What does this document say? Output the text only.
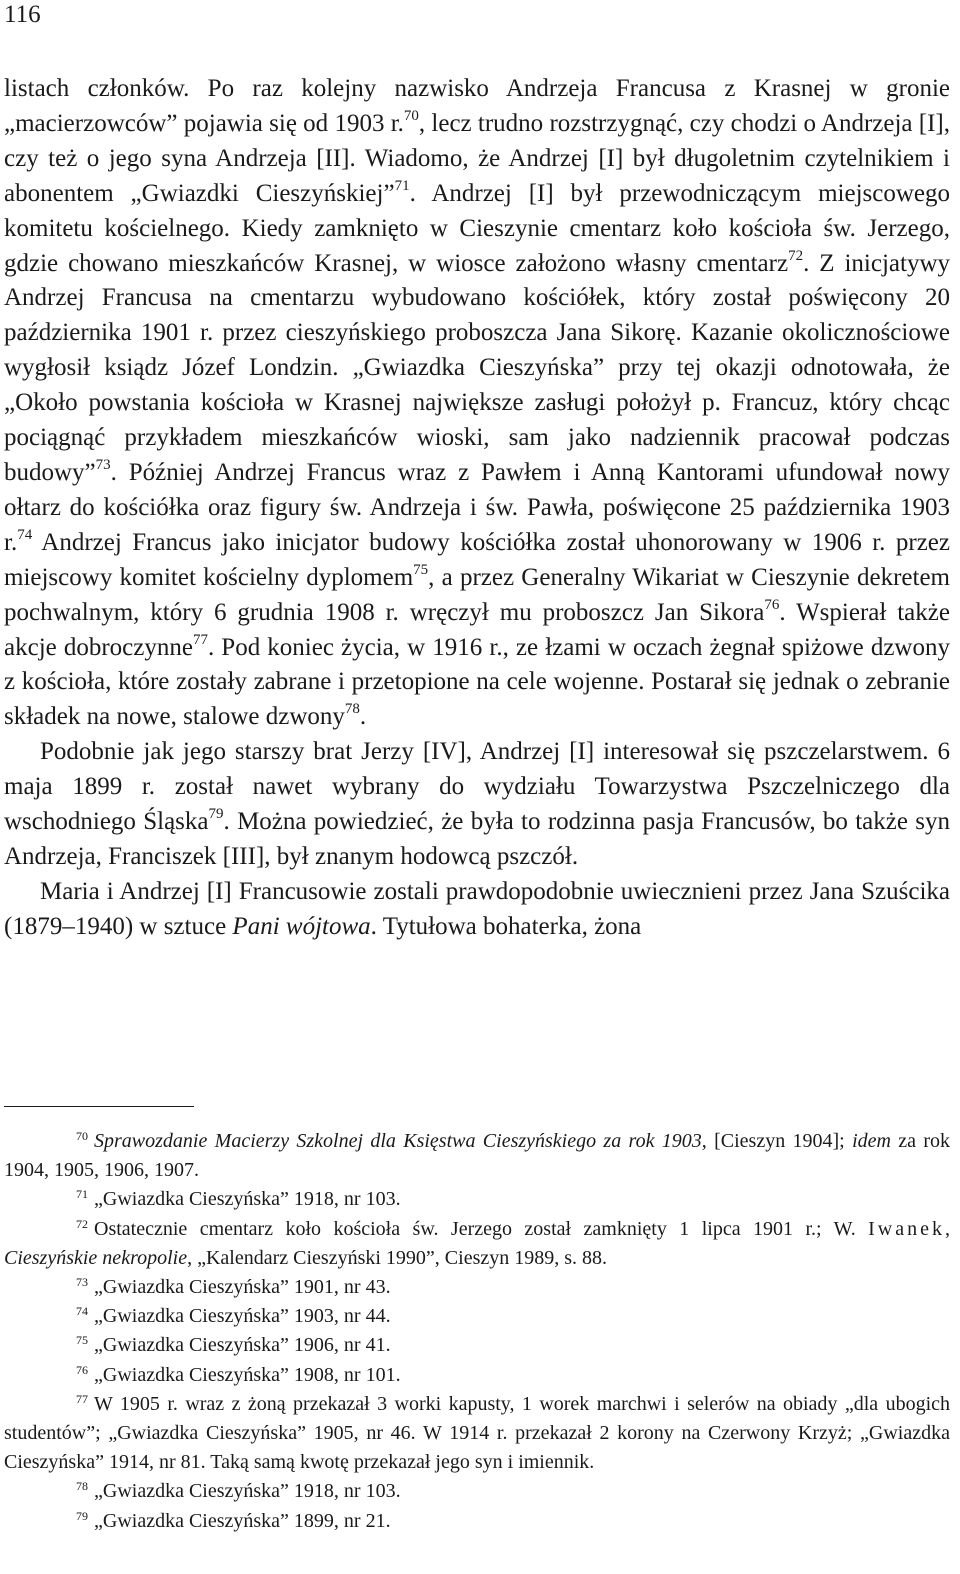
116

listach członków. Po raz kolejny nazwisko Andrzeja Francusa z Krasnej w gronie „macierzowców” pojawia się od 1903 r.$^{70}$, lecz trudno rozstrzygnąć, czy chodzi o Andrzeja [I], czy też o jego syna Andrzeja [II]. Wiadomo, że Andrzej [I] był długoletnim czytelnikiem i abonentem „Gwiazdki Cieszyńskiej”$^{71}$. Andrzej [I] był przewodniczącym miejscowego komitetu kościelnego. Kiedy zamknięto w Cieszynie cmentarz koło kościoła św. Jerzego, gdzie chowano mieszkańców Krasnej, w wiosce założono własny cmentarz$^{72}$. Z inicjatywy Andrzej Francusa na cmentarzu wybudowano kościółek, który został poświęcony 20 października 1901 r. przez cieszyńskiego proboszcza Jana Sikorę. Kazanie okolicznościowe wygłosił ksiądz Józef Londzin. „Gwiazdka Cieszyńska” przy tej okazji odnotowała, że „Około powstania kościoła w Krasnej największe zasługi położył p. Francuz, który chcąc pociągnąć przykładem mieszkańców wioski, sam jako nadziennik pracował podczas budowy”$^{73}$. Później Andrzej Francus wraz z Pawłem i Anną Kantorami ufundował nowy ołtarz do kościółka oraz figury św. Andrzeja i św. Pawła, poświęcone 25 października 1903 r.$^{74}$ Andrzej Francus jako inicjator budowy kościółka został uhonorowany w 1906 r. przez miejscowy komitet kościelny dyplomem$^{75}$, a przez Generalny Wikariat w Cieszynie dekretem pochwalnym, który 6 grudnia 1908 r. wręczył mu proboszcz Jan Sikora$^{76}$. Wspierał także akcje dobroczynne$^{77}$. Pod koniec życia, w 1916 r., ze łzami w oczach żegnał spiżowe dzwony z kościoła, które zostały zabrane i przetopione na cele wojenne. Postarał się jednak o zebranie składek na nowe, stalowe dzwony$^{78}$.

Podobnie jak jego starszy brat Jerzy [IV], Andrzej [I] interesował się pszczelarstwem. 6 maja 1899 r. został nawet wybrany do wydziału Towarzystwa Pszczelniczego dla wschodniego Śląska$^{79}$. Można powiedzieć, że była to rodzinna pasja Francusów, bo także syn Andrzeja, Franciszek [III], był znanym hodowcą pszczół.

Maria i Andrzej [I] Francusowie zostali prawdopodobnie uwiecznieni przez Jana Szuścika (1879–1940) w sztuce Pani wójtowa. Tytułowa bohaterka, żona

70 Sprawozdanie Macierzy Szkolnej dla Księstwa Cieszyńskiego za rok 1903, [Cieszyn 1904]; idem za rok 1904, 1905, 1906, 1907.

71 „Gwiazdka Cieszyńska” 1918, nr 103.

72 Ostatecznie cmentarz koło kościoła św. Jerzego został zamknięty 1 lipca 1901 r.; W. Iwanek, Cieszyńskie nekropolie, „Kalendarz Cieszyński 1990”, Cieszyn 1989, s. 88.

73 „Gwiazdka Cieszyńska” 1901, nr 43.

74 „Gwiazdka Cieszyńska” 1903, nr 44.

75 „Gwiazdka Cieszyńska” 1906, nr 41.

76 „Gwiazdka Cieszyńska” 1908, nr 101.

77 W 1905 r. wraz z żoną przekazał 3 worki kapusty, 1 worek marchwi i selerów na obiady „dla ubogich studentów”; „Gwiazdka Cieszyńska” 1905, nr 46. W 1914 r. przekazał 2 korony na Czerwony Krzyż; „Gwiazdka Cieszyńska” 1914, nr 81. Taką samą kwotę przekazał jego syn i imiennik.

78 „Gwiazdka Cieszyńska” 1918, nr 103.

79 „Gwiazdka Cieszyńska” 1899, nr 21.
